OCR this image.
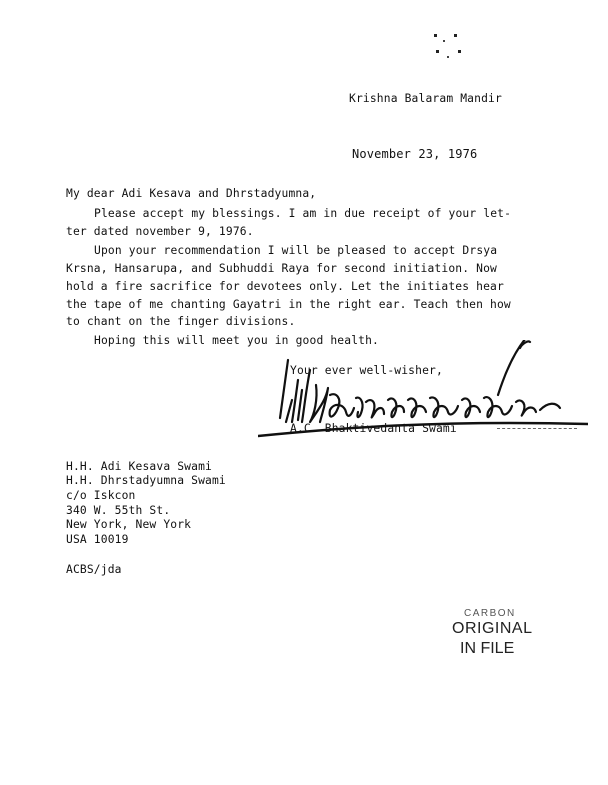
Krishna Balaram Mandir
November 23, 1976
My dear Adi Kesava and Dhrstadyumna,
Please accept my blessings. I am in due receipt of your let-
ter dated november 9, 1976.
Upon your recommendation I will be pleased to accept Drsya
Krsna, Hansarupa, and Subhuddi Raya for second initiation. Now
hold a fire sacrifice for devotees only. Let the initiates hear
the tape of me chanting Gayatri in the right ear. Teach then how
to chant on the finger divisions.
Hoping this will meet you in good health.
Your ever well-wisher,
A.C. Bhaktivedanta Swami
H.H. Adi Kesava Swami
H.H. Dhrstadyumna Swami
c/o Iskcon
340 W. 55th St.
New York, New York
USA 10019
ACBS/jda
CARBON
ORIGINAL
IN FILE
